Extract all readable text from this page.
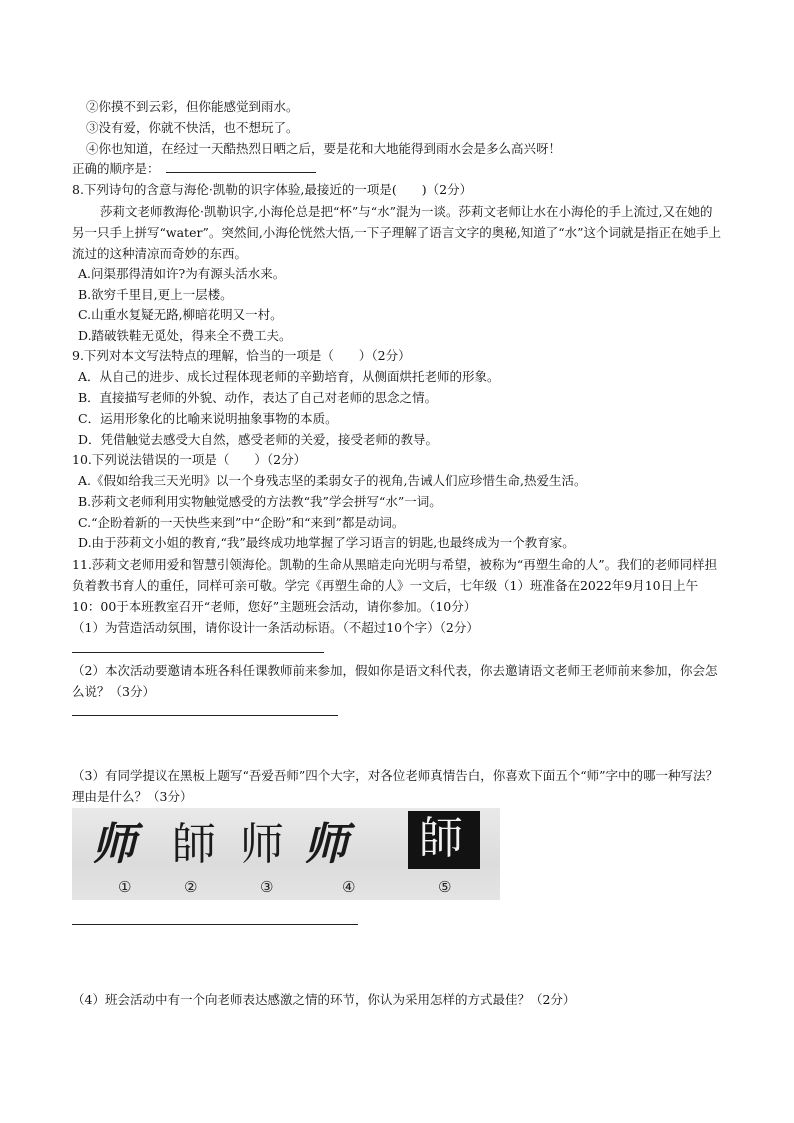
②你摸不到云彩，但你能感觉到雨水。
③没有爱，你就不快活，也不想玩了。
④你也知道，在经过一天酷热烈日晒之后，要是花和大地能得到雨水会是多么高兴呀！
正确的顺序是：
8.下列诗句的含意与海伦·凯勒的识字体验,最接近的一项是(　　)（2分）
莎莉文老师教海伦·凯勒识字,小海伦总是把“杯”与“水”混为一谈。莎莉文老师让水在小海伦的手上流过,又在她的另一只手上拼写“water”。突然间,小海伦恍然大悟,一下子理解了语言文字的奥秘,知道了“水”这个词就是指正在她手上流过的这种清凉而奇妙的东西。
A.问渠那得清如许?为有源头活水来。
B.欲穷千里目,更上一层楼。
C.山重水复疑无路,柳暗花明又一村。
D.踏破铁鞋无觅处，得来全不费工夫。
9.下列对本文写法特点的理解，恰当的一项是（　　）（2分）
A．从自己的进步、成长过程体现老师的辛勤培育，从侧面烘托老师的形象。
B．直接描写老师的外貌、动作，表达了自己对老师的思念之情。
C．运用形象化的比喻来说明抽象事物的本质。
D．凭借触觉去感受大自然，感受老师的关爱，接受老师的教导。
10.下列说法错误的一项是（　　）（2分）
A.《假如给我三天光明》以一个身残志坚的柔弱女子的视角,告诫人们应珍惜生命,热爱生活。
B.莎莉文老师利用实物触觉感受的方法教“我”学会拼写“水”一词。
C.“企盼着新的一天快些来到”中“企盼”和“来到”都是动词。
D.由于莎莉文小姐的教育,“我”最终成功地掌握了学习语言的钥匙,也最终成为一个教育家。
11.莎莉文老师用爱和智慧引领海伦。凯勒的生命从黑暗走向光明与希望，被称为“再塑生命的人”。我们的老师同样担负着教书育人的重任，同样可亲可敬。学完《再塑生命的人》一文后，七年级（1）班准备在2022年9月10日上午10：00于本班教室召开“老师，您好”主题班会活动，请你参加。（10分）
（1）为营造活动氛围，请你设计一条活动标语。（不超过10个字）（2分）
（2）本次活动要邀请本班各科任课教师前来参加，假如你是语文科代表，你去邀请语文老师王老师前来参加，你会怎么说？（3分）
（3）有同学提议在黑板上题写“吾爱吾师”四个大字，对各位老师真情告白，你喜欢下面五个“师”字中的哪一种写法？理由是什么？（3分）
师 師 师 师 師
①	②	③	④	⑤
（4）班会活动中有一个向老师表达感激之情的环节，你认为采用怎样的方式最佳？（2分）
